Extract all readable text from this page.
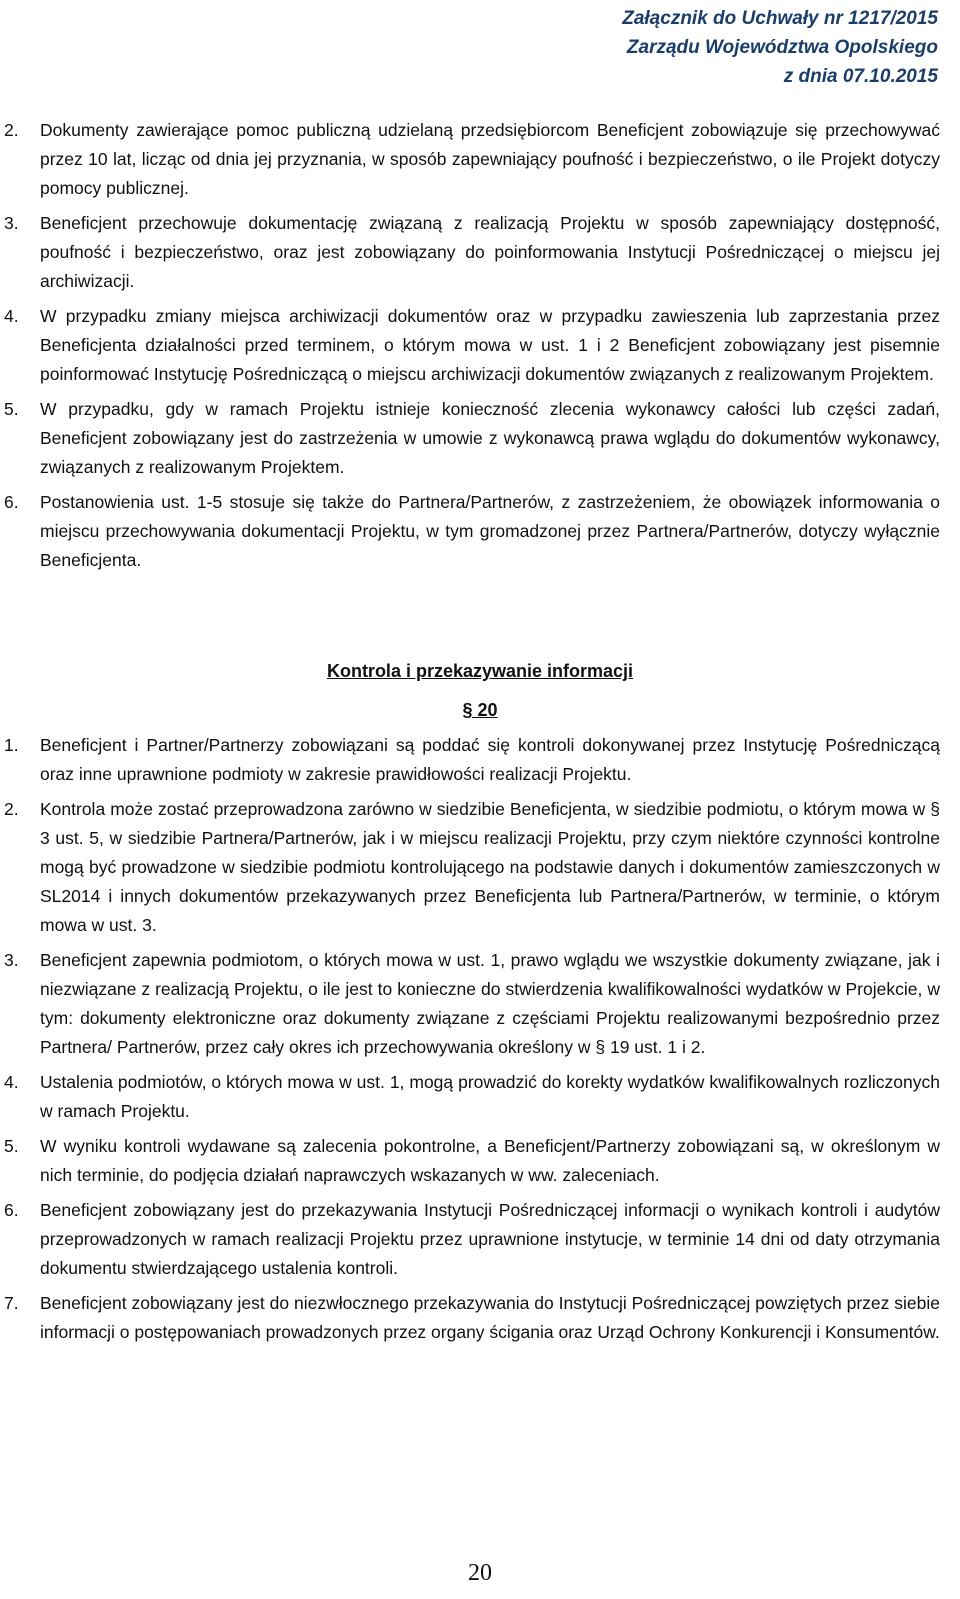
Załącznik do Uchwały nr 1217/2015
Zarządu Województwa Opolskiego
z dnia 07.10.2015
2. Dokumenty zawierające pomoc publiczną udzielaną przedsiębiorcom Beneficjent zobowiązuje się przechowywać przez 10 lat, licząc od dnia jej przyznania, w sposób zapewniający poufność i bezpieczeństwo, o ile Projekt dotyczy pomocy publicznej.
3. Beneficjent przechowuje dokumentację związaną z realizacją Projektu w sposób zapewniający dostępność, poufność i bezpieczeństwo, oraz jest zobowiązany do poinformowania Instytucji Pośredniczącej o miejscu jej archiwizacji.
4. W przypadku zmiany miejsca archiwizacji dokumentów oraz w przypadku zawieszenia lub zaprzestania przez Beneficjenta działalności przed terminem, o którym mowa w ust. 1 i 2 Beneficjent zobowiązany jest pisemnie poinformować Instytucję Pośredniczącą o miejscu archiwizacji dokumentów związanych z realizowanym Projektem.
5. W przypadku, gdy w ramach Projektu istnieje konieczność zlecenia wykonawcy całości lub części zadań, Beneficjent zobowiązany jest do zastrzeżenia w umowie z wykonawcą prawa wglądu do dokumentów wykonawcy, związanych z realizowanym Projektem.
6. Postanowienia ust. 1-5 stosuje się także do Partnera/Partnerów, z zastrzeżeniem, że obowiązek informowania o miejscu przechowywania dokumentacji Projektu, w tym gromadzonej przez Partnera/Partnerów, dotyczy wyłącznie Beneficjenta.
Kontrola i przekazywanie informacji
§ 20
1. Beneficjent i Partner/Partnerzy zobowiązani są poddać się kontroli dokonywanej przez Instytucję Pośredniczącą oraz inne uprawnione podmioty w zakresie prawidłowości realizacji Projektu.
2. Kontrola może zostać przeprowadzona zarówno w siedzibie Beneficjenta, w siedzibie podmiotu, o którym mowa w § 3 ust. 5, w siedzibie Partnera/Partnerów, jak i w miejscu realizacji Projektu, przy czym niektóre czynności kontrolne mogą być prowadzone w siedzibie podmiotu kontrolującego na podstawie danych i dokumentów zamieszczonych w SL2014 i innych dokumentów przekazywanych przez Beneficjenta lub Partnera/Partnerów, w terminie, o którym mowa w ust. 3.
3. Beneficjent zapewnia podmiotom, o których mowa w ust. 1, prawo wglądu we wszystkie dokumenty związane, jak i niezwiązane z realizacją Projektu, o ile jest to konieczne do stwierdzenia kwalifikowalności wydatków w Projekcie, w tym: dokumenty elektroniczne oraz dokumenty związane z częściami Projektu realizowanymi bezpośrednio przez Partnera/ Partnerów, przez cały okres ich przechowywania określony w § 19 ust. 1 i 2.
4. Ustalenia podmiotów, o których mowa w ust. 1, mogą prowadzić do korekty wydatków kwalifikowalnych rozliczonych w ramach Projektu.
5. W wyniku kontroli wydawane są zalecenia pokontrolne, a Beneficjent/Partnerzy zobowiązani są, w określonym w nich terminie, do podjęcia działań naprawczych wskazanych w ww. zaleceniach.
6. Beneficjent zobowiązany jest do przekazywania Instytucji Pośredniczącej informacji o wynikach kontroli i audytów przeprowadzonych w ramach realizacji Projektu przez uprawnione instytucje, w terminie 14 dni od daty otrzymania dokumentu stwierdzającego ustalenia kontroli.
7. Beneficjent zobowiązany jest do niezwłocznego przekazywania do Instytucji Pośredniczącej powziętych przez siebie informacji o postępowaniach prowadzonych przez organy ścigania oraz Urząd Ochrony Konkurencji i Konsumentów.
20
